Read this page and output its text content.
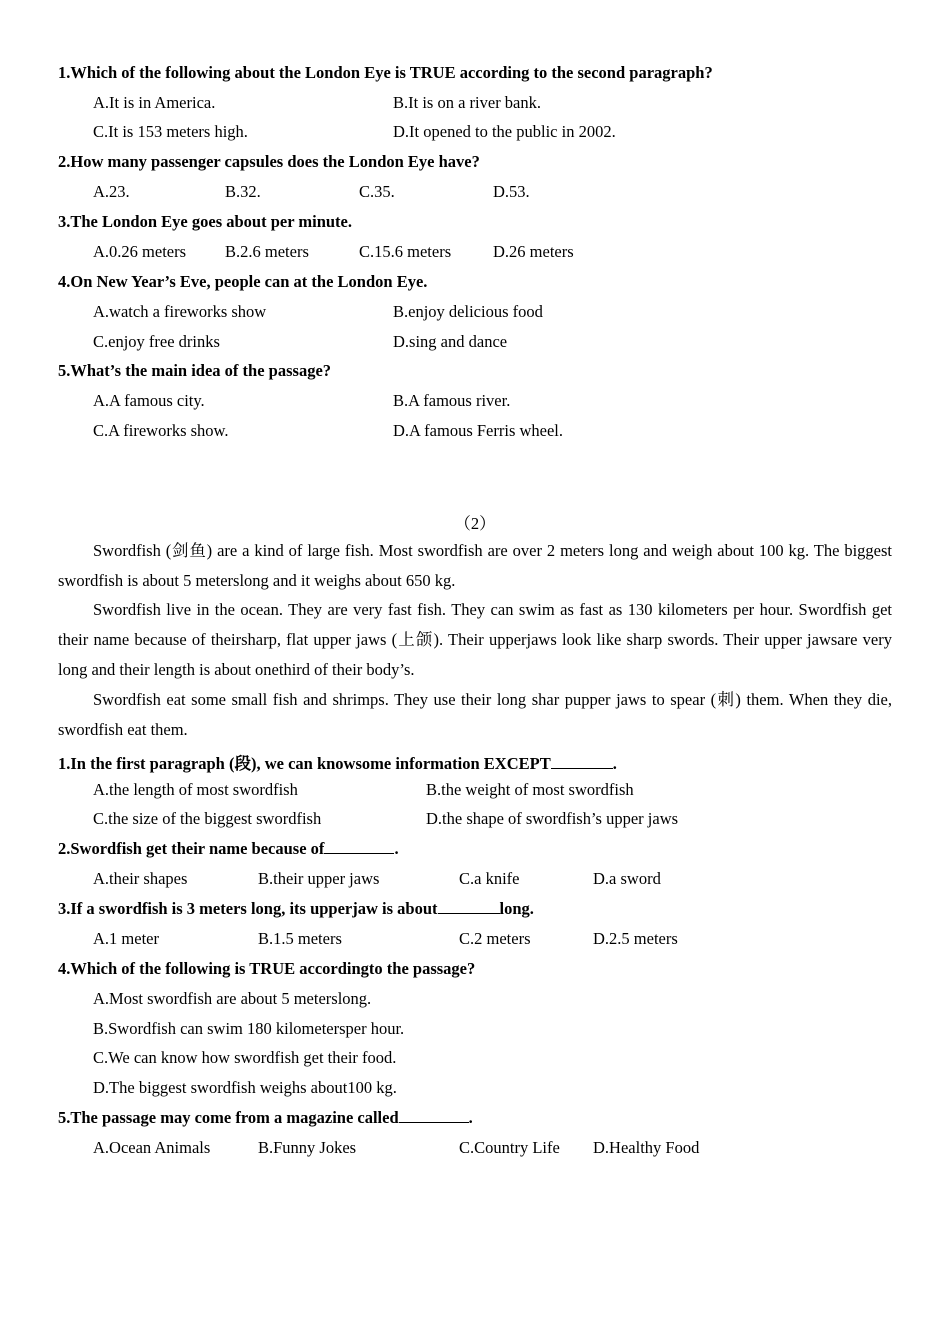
1.Which of the following about the London Eye is TRUE according to the second paragraph?
A.It is in America.	B.It is on a river bank.
C.It is 153 meters high.	D.It opened to the public in 2002.
2.How many passenger capsules does the London Eye have?
A.23.	B.32.	C.35.	D.53.
3.The London Eye goes about per minute.
A.0.26 meters B.2.6 meters	C.15.6 meters	D.26 meters
4.On New Year’s Eve, people can at the London Eye.
A.watch a fireworks show	B.enjoy delicious food
C.enjoy free drinks	D.sing and dance
5.What’s the main idea of the passage?
A.A famous city.	B.A famous river.
C.A fireworks show.	D.A famous Ferris wheel.
（2）
Swordfish (剑鱼) are a kind of large fish. Most swordfish are over 2 meters long and weigh about 100 kg. The biggest swordfish is about 5 meterslong and it weighs about 650 kg.
Swordfish live in the ocean. They are very fast fish. They can swim as fast as 130 kilometers per hour. Swordfish get their name because of theirsharp, flat upper jaws (上颌). Their upperjaws look like sharp swords. Their upper jawsare very long and their length is about onethird of their body’s.
Swordfish eat some small fish and shrimps. They use their long shar pupper jaws to spear (刺) them. When they die, swordfish eat them.
1.In the first paragraph (段), we can knowsome information EXCEPT	.
A.the length of most swordfish	B.the weight of most swordfish
C.the size of the biggest swordfish	D.the shape of swordfish’s upper jaws
2.Swordfish get their name because of	.
A.their shapes	B.their upper jaws	C.a knife	D.a sword
3.If a swordfish is 3 meters long, its upperjaw is about	long.
A.1 meter	B.1.5 meters	C.2 meters	D.2.5 meters
4.Which of the following is TRUE accordingto the passage?
A.Most swordfish are about 5 meterslong.
B.Swordfish can swim 180 kilometersper hour.
C.We can know how swordfish get their food.
D.The biggest swordfish weighs about100 kg.
5.The passage may come from a magazine called	.
A.Ocean Animals	B.Funny Jokes	C.Country Life D.Healthy Food
